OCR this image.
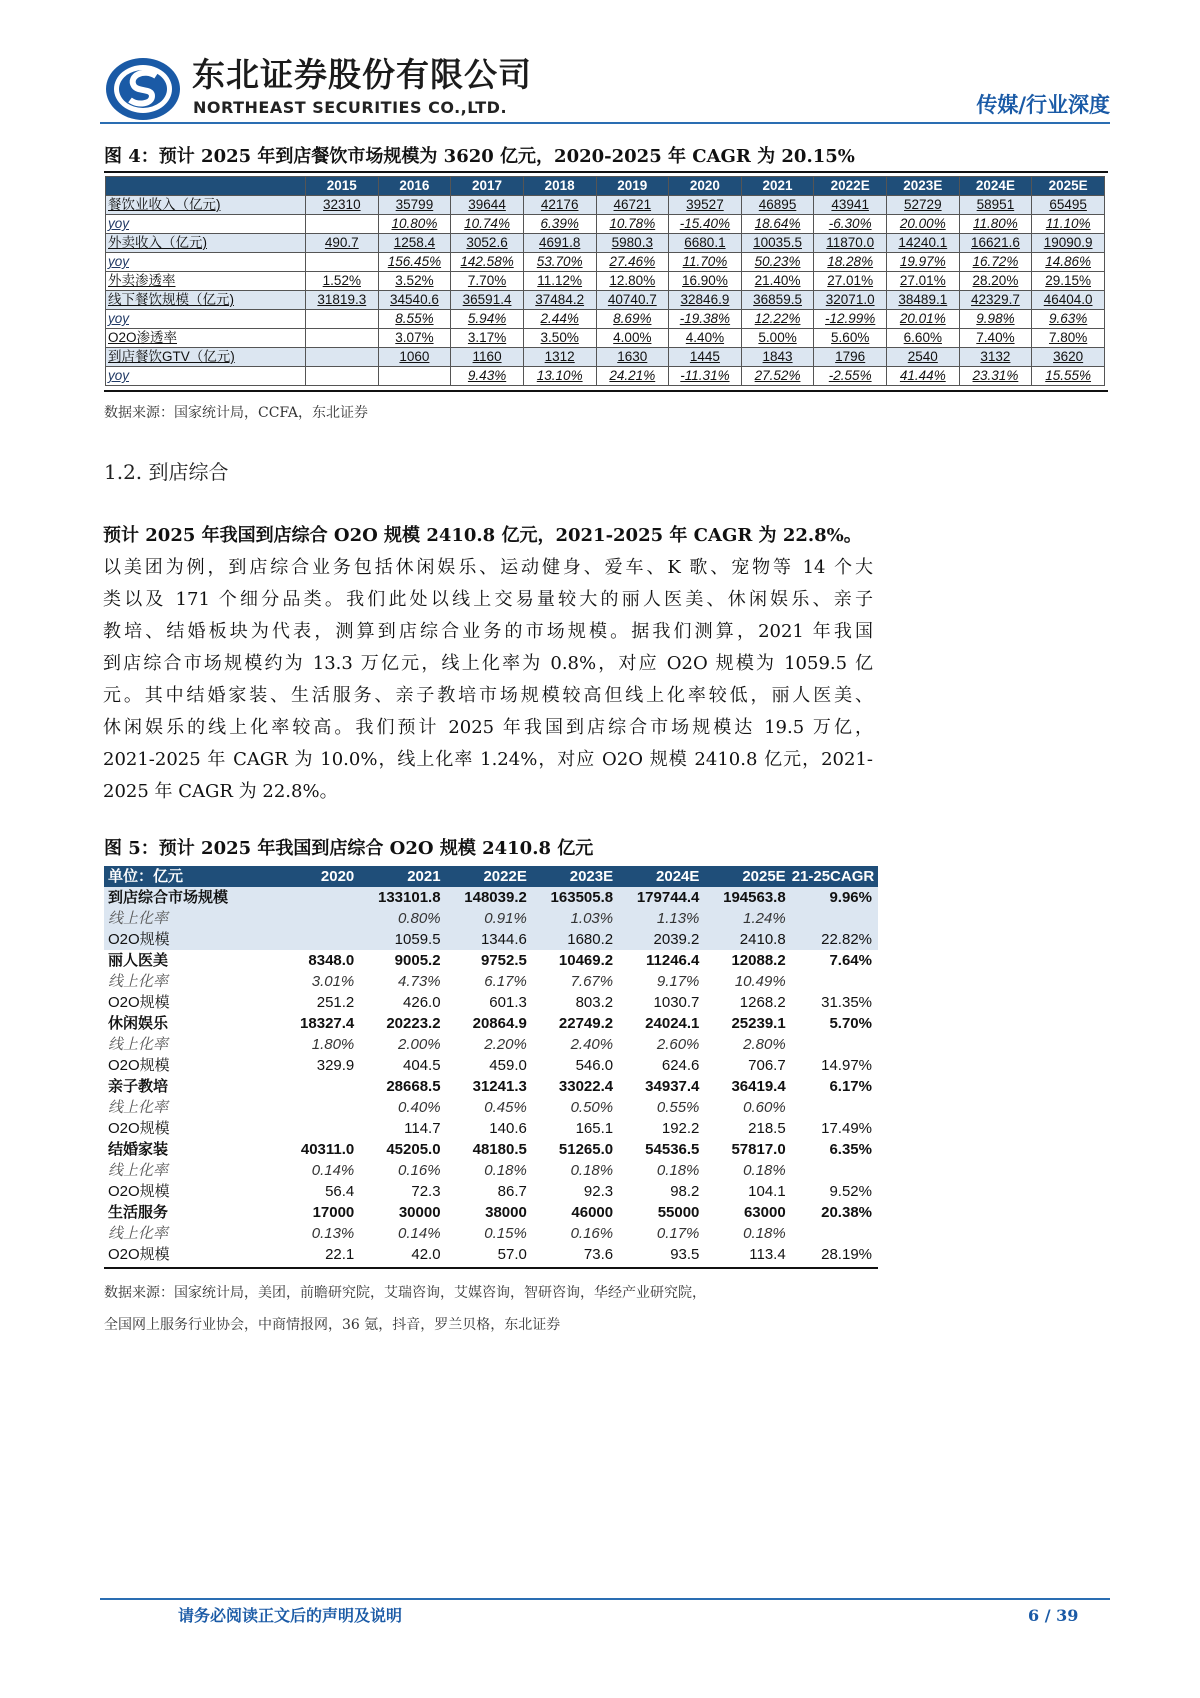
东北证券股份有限公司
NORTHEAST SECURITIES CO.,LTD.	传媒/行业深度
图 4：预计 2025 年到店餐饮市场规模为 3620 亿元，2020-2025 年 CAGR 为 20.15%
	2015	2016	2017	2018	2019	2020	2021	2022E	2023E	2024E	2025E
餐饮业收入（亿元)	32310	35799	39644	42176	46721	39527	46895	43941	52729	58951	65495
yoy		10.80%	10.74%	6.39%	10.78%	-15.40%	18.64%	-6.30%	20.00%	11.80%	11.10%
外卖收入（亿元)	490.7	1258.4	3052.6	4691.8	5980.3	6680.1	10035.5	11870.0	14240.1	16621.6	19090.9
yoy		156.45%	142.58%	53.70%	27.46%	11.70%	50.23%	18.28%	19.97%	16.72%	14.86%
外卖渗透率	1.52%	3.52%	7.70%	11.12%	12.80%	16.90%	21.40%	27.01%	27.01%	28.20%	29.15%
线下餐饮规模（亿元)	31819.3	34540.6	36591.4	37484.2	40740.7	32846.9	36859.5	32071.0	38489.1	42329.7	46404.0
yoy		8.55%	5.94%	2.44%	8.69%	-19.38%	12.22%	-12.99%	20.01%	9.98%	9.63%
O2O渗透率		3.07%	3.17%	3.50%	4.00%	4.40%	5.00%	5.60%	6.60%	7.40%	7.80%
到店餐饮GTV（亿元)		1060	1160	1312	1630	1445	1843	1796	2540	3132	3620
yoy			9.43%	13.10%	24.21%	-11.31%	27.52%	-2.55%	41.44%	23.31%	15.55%
数据来源：国家统计局，CCFA，东北证券
1.2. 到店综合
预计 2025 年我国到店综合 O2O 规模 2410.8 亿元，2021-2025 年 CAGR 为 22.8%。
以美团为例，到店综合业务包括休闲娱乐、运动健身、爱车、K 歌、宠物等 14 个大
类以及 171 个细分品类。我们此处以线上交易量较大的丽人医美、休闲娱乐、亲子
教培、结婚板块为代表，测算到店综合业务的市场规模。据我们测算，2021 年我国
到店综合市场规模约为 13.3 万亿元，线上化率为 0.8%，对应 O2O 规模为 1059.5 亿
元。其中结婚家装、生活服务、亲子教培市场规模较高但线上化率较低，丽人医美、
休闲娱乐的线上化率较高。我们预计 2025 年我国到店综合市场规模达 19.5 万亿，
2021-2025 年 CAGR 为 10.0%，线上化率 1.24%，对应 O2O 规模 2410.8 亿元，2021-
2025 年 CAGR 为 22.8%。
图 5：预计 2025 年我国到店综合 O2O 规模 2410.8 亿元
单位：亿元	2020	2021	2022E	2023E	2024E	2025E	21-25CAGR
到店综合市场规模		133101.8	148039.2	163505.8	179744.4	194563.8	9.96%
线上化率		0.80%	0.91%	1.03%	1.13%	1.24%	
O2O规模		1059.5	1344.6	1680.2	2039.2	2410.8	22.82%
丽人医美	8348.0	9005.2	9752.5	10469.2	11246.4	12088.2	7.64%
线上化率	3.01%	4.73%	6.17%	7.67%	9.17%	10.49%	
O2O规模	251.2	426.0	601.3	803.2	1030.7	1268.2	31.35%
休闲娱乐	18327.4	20223.2	20864.9	22749.2	24024.1	25239.1	5.70%
线上化率	1.80%	2.00%	2.20%	2.40%	2.60%	2.80%	
O2O规模	329.9	404.5	459.0	546.0	624.6	706.7	14.97%
亲子教培		28668.5	31241.3	33022.4	34937.4	36419.4	6.17%
线上化率		0.40%	0.45%	0.50%	0.55%	0.60%	
O2O规模		114.7	140.6	165.1	192.2	218.5	17.49%
结婚家装	40311.0	45205.0	48180.5	51265.0	54536.5	57817.0	6.35%
线上化率	0.14%	0.16%	0.18%	0.18%	0.18%	0.18%	
O2O规模	56.4	72.3	86.7	92.3	98.2	104.1	9.52%
生活服务	17000	30000	38000	46000	55000	63000	20.38%
线上化率	0.13%	0.14%	0.15%	0.16%	0.17%	0.18%	
O2O规模	22.1	42.0	57.0	73.6	93.5	113.4	28.19%
数据来源：国家统计局，美团，前瞻研究院，艾瑞咨询，艾媒咨询，智研咨询，华经产业研究院，
全国网上服务行业协会，中商情报网，36 氪，抖音，罗兰贝格，东北证券
请务必阅读正文后的声明及说明	6 / 39
